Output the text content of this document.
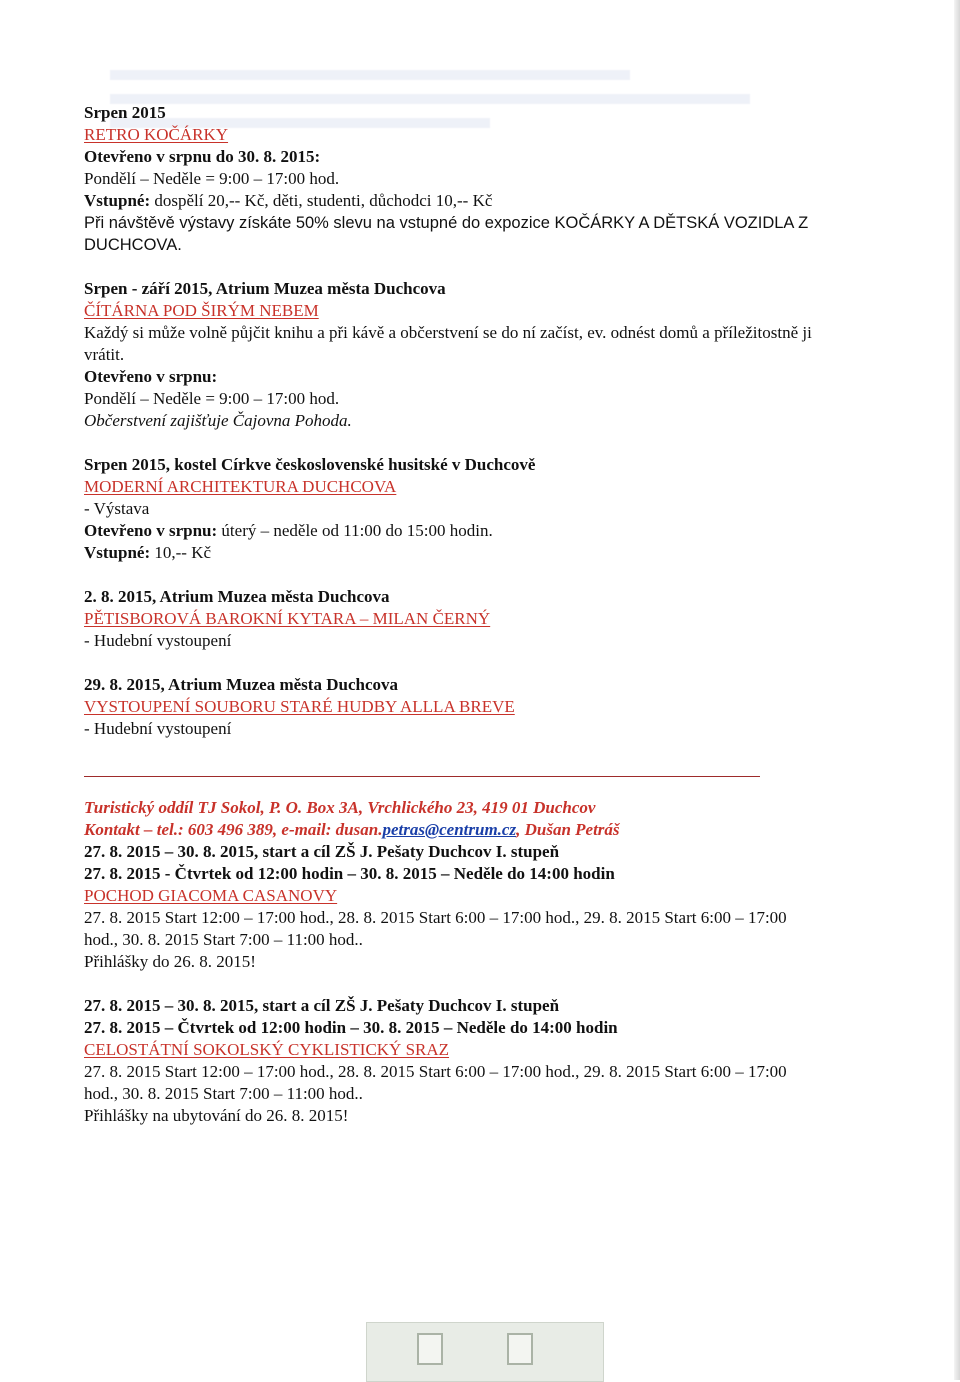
Srpen 2015
RETRO KOČÁRKY
Otevřeno v srpnu do 30. 8. 2015:
Pondělí – Neděle = 9:00 – 17:00 hod.
Vstupné: dospělí 20,-- Kč, děti, studenti, důchodci 10,-- Kč
Při návštěvě výstavy získáte 50% slevu na vstupné do expozice KOČÁRKY A DĚTSKÁ VOZIDLA Z DUCHCOVA.
Srpen - září 2015, Atrium Muzea města Duchcova
ČÍTÁRNA POD ŠIRÝM NEBEM
Každý si může volně půjčit knihu a při kávě a občerstvení se do ní začíst, ev. odnést domů a příležitostně ji vrátit.
Otevřeno v srpnu:
Pondělí – Neděle = 9:00 – 17:00 hod.
Občerstvení zajišťuje Čajovna Pohoda.
Srpen 2015, kostel Církve československé husitské v Duchcově
MODERNÍ ARCHITEKTURA DUCHCOVA
- Výstava
Otevřeno v srpnu: úterý – neděle od 11:00 do 15:00 hodin.
Vstupné: 10,-- Kč
2. 8. 2015, Atrium Muzea města Duchcova
PĚTISBOROVÁ BAROKNÍ KYTARA – MILAN ČERNÝ
- Hudební vystoupení
29. 8. 2015, Atrium Muzea města Duchcova
VYSTOUPENÍ SOUBORU STARÉ HUDBY ALLLA BREVE
- Hudební vystoupení
Turistický oddíl TJ Sokol, P. O. Box 3A, Vrchlického 23, 419 01 Duchcov
Kontakt – tel.: 603 496 389, e-mail: dusan.petras@centrum.cz, Dušan Petráš
27. 8. 2015 – 30. 8. 2015, start a cíl ZŠ J. Pešaty Duchcov I. stupeň
27. 8. 2015 - Čtvrtek od 12:00 hodin – 30. 8. 2015 – Neděle do 14:00 hodin
POCHOD GIACOMA CASANOVY
27. 8. 2015 Start 12:00 – 17:00 hod., 28. 8. 2015 Start 6:00 – 17:00 hod., 29. 8. 2015 Start 6:00 – 17:00 hod., 30. 8. 2015 Start 7:00 – 11:00 hod..
Přihlášky do 26. 8. 2015!
27. 8. 2015 – 30. 8. 2015, start a cíl ZŠ J. Pešaty Duchcov I. stupeň
27. 8. 2015 – Čtvrtek od 12:00 hodin – 30. 8. 2015 – Neděle do 14:00 hodin
CELOSTÁTNÍ SOKOLSKÝ CYKLISTICKÝ SRAZ
27. 8. 2015 Start 12:00 – 17:00 hod., 28. 8. 2015 Start 6:00 – 17:00 hod., 29. 8. 2015 Start 6:00 – 17:00 hod., 30. 8. 2015 Start 7:00 – 11:00 hod..
Přihlášky na ubytování do 26. 8. 2015!
